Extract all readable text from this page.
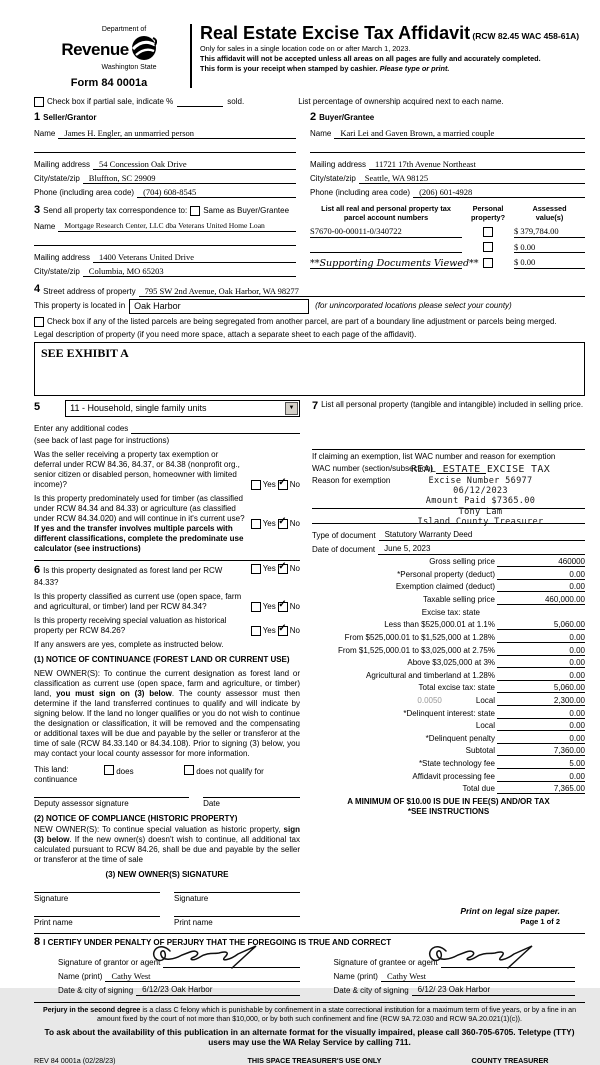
Department of
Revenue
Washington State
Form 84 0001a
Real Estate Excise Tax Affidavit (RCW 82.45 WAC 458-61A)
Only for sales in a single location code on or after March 1, 2023.
This affidavit will not be accepted unless all areas on all pages are fully and accurately completed.
This form is your receipt when stamped by cashier. Please type or print.
Check box if partial sale, indicate %	sold.	List percentage of ownership acquired next to each name.
1 Seller/Grantor
Name	James H. Engler, an unmarried person
Mailing address	54 Concession Oak Drive
City/state/zip	Bluffton, SC 29909
Phone (including area code)	(704) 608-8545
2 Buyer/Grantee
Name	Kari Lei and Gaven Brown, a married couple
Mailing address	11721 17th Avenue Northeast
City/state/zip	Seattle, WA 98125
Phone (including area code)	(206) 601-4928
3 Send all property tax correspondence to: Same as Buyer/Grantee
Name	Mortgage Research Center, LLC dba Veterans United Home Loan
Mailing address	1400 Veterans United Drive
City/state/zip	Columbia, MO 65203
List all real and personal property tax parcel account numbers
Personal
property?
Assessed
value(s)
S7670-00-00011-0/340722	$ 379,784.00
$ 0.00
**Supporting Documents Viewed**	$ 0.00
4 Street address of property	795 SW 2nd Avenue, Oak Harbor, WA 98277
This property is located in	Oak Harbor	(for unincorporated locations please select your county)
Check box if any of the listed parcels are being segregated from another parcel, are part of a boundary line adjustment or parcels being merged.
Legal description of property (if you need more space, attach a separate sheet to each page of the affidavit).
SEE EXHIBIT A
5	11 - Household, single family units	▼
Enter any additional codes
(see back of last page for instructions)
Was the seller receiving a property tax exemption or deferral under RCW 84.36, 84.37, or 84.38 (nonprofit org., senior citizen or disabled person, homeowner with limited income)?	Yes ✓ No
Is this property predominately used for timber (as classified under RCW 84.34 and 84.33) or agriculture (as classified under RCW 84.34.020) and will continue in it's current use? If yes and the transfer involves multiple parcels with different classifications, complete the predominate use calculator (see instructions)
Yes ✓ No
6 Is this property designated as forest land per RCW 84.33?
Yes ✓ No
Is this property classified as current use (open space, farm and agricultural, or timber) land per RCW 84.34?	Yes ✓ No
Is this property receiving special valuation as historical property per RCW 84.26?	Yes ✓ No
If any answers are yes, complete as instructed below.
(1) NOTICE OF CONTINUANCE (FOREST LAND OR CURRENT USE)
NEW OWNER(S): To continue the current designation as forest land or classification as current use (open space, farm and agriculture, or timber) land, you must sign on (3) below. The county assessor must then determine if the land transferred continues to qualify and will indicate by signing below. If the land no longer qualifies or you do not wish to continue the designation or classification, it will be removed and the compensating or additional taxes will be due and payable by the seller or transferor at the time of sale (RCW 84.33.140 or 84.34.108). Prior to signing (3) below, you may contact your local county assessor for more information.
This land:
continuance
does	does not qualify for
Deputy assessor signature	Date
(2) NOTICE OF COMPLIANCE (HISTORIC PROPERTY)
NEW OWNER(S): To continue special valuation as historic property, sign (3) below. If the new owner(s) doesn't wish to continue, all additional tax calculated pursuant to RCW 84.26, shall be due and payable by the seller or transferor at the time of sale
(3) NEW OWNER(S) SIGNATURE
Signature	Signature
Print name	Print name
7 List all personal property (tangible and intangible) included in selling price.
If claiming an exemption, list WAC number and reason for exemption
WAC number (section/subsection)
Reason for exemption
REAL ESTATE EXCISE TAX
Excise Number 56977
06/12/2023
Amount Paid $7365.00
Tony Lam
Island County Treasurer
Type of document	Statutory Warranty Deed
Date of document	June 5, 2023
Gross selling price	460000
*Personal property (deduct)	0.00
Exemption claimed (deduct)	0.00
Taxable selling price	460,000.00
Excise tax: state
Less than $525,000.01 at 1.1%	5,060.00
From $525,000.01 to $1,525,000 at 1.28%	0.00
From $1,525,000.01 to $3,025,000 at 2.75%	0.00
Above $3,025,000 at 3%	0.00
Agricultural and timberland at 1.28%	0.00
Total excise tax: state	5,060.00
0.0050	Local	2,300.00
*Delinquent interest: state	0.00
Local	0.00
*Delinquent penalty	0.00
Subtotal	7,360.00
*State technology fee	5.00
Affidavit processing fee	0.00
Total due	7,365.00
A MINIMUM OF $10.00 IS DUE IN FEE(S) AND/OR TAX
*SEE INSTRUCTIONS
8 I CERTIFY UNDER PENALTY OF PERJURY THAT THE FOREGOING IS TRUE AND CORRECT
Signature of grantor or agent
Name (print)	Cathy West
Date & city of signing	6/12/23 Oak Harbor
Signature of grantee or agent
Name (print)	Cathy West
Date & city of signing	6/12/ 23 Oak Harbor
Perjury in the second degree is a class C felony which is punishable by confinement in a state correctional institution for a maximum term of five years, or by a fine in an amount fixed by the court of not more than $10,000, or by both such confinement and fine (RCW 9A.72.030 and RCW 9A.20.021(1)(c)).
To ask about the availability of this publication in an alternate format for the visually impaired, please call 360-705-6705. Teletype (TTY) users may use the WA Relay Service by calling 711.
REV 84 0001a (02/28/23)	THIS SPACE TREASURER'S USE ONLY	COUNTY TREASURER
Print on legal size paper.
Page 1 of 2
